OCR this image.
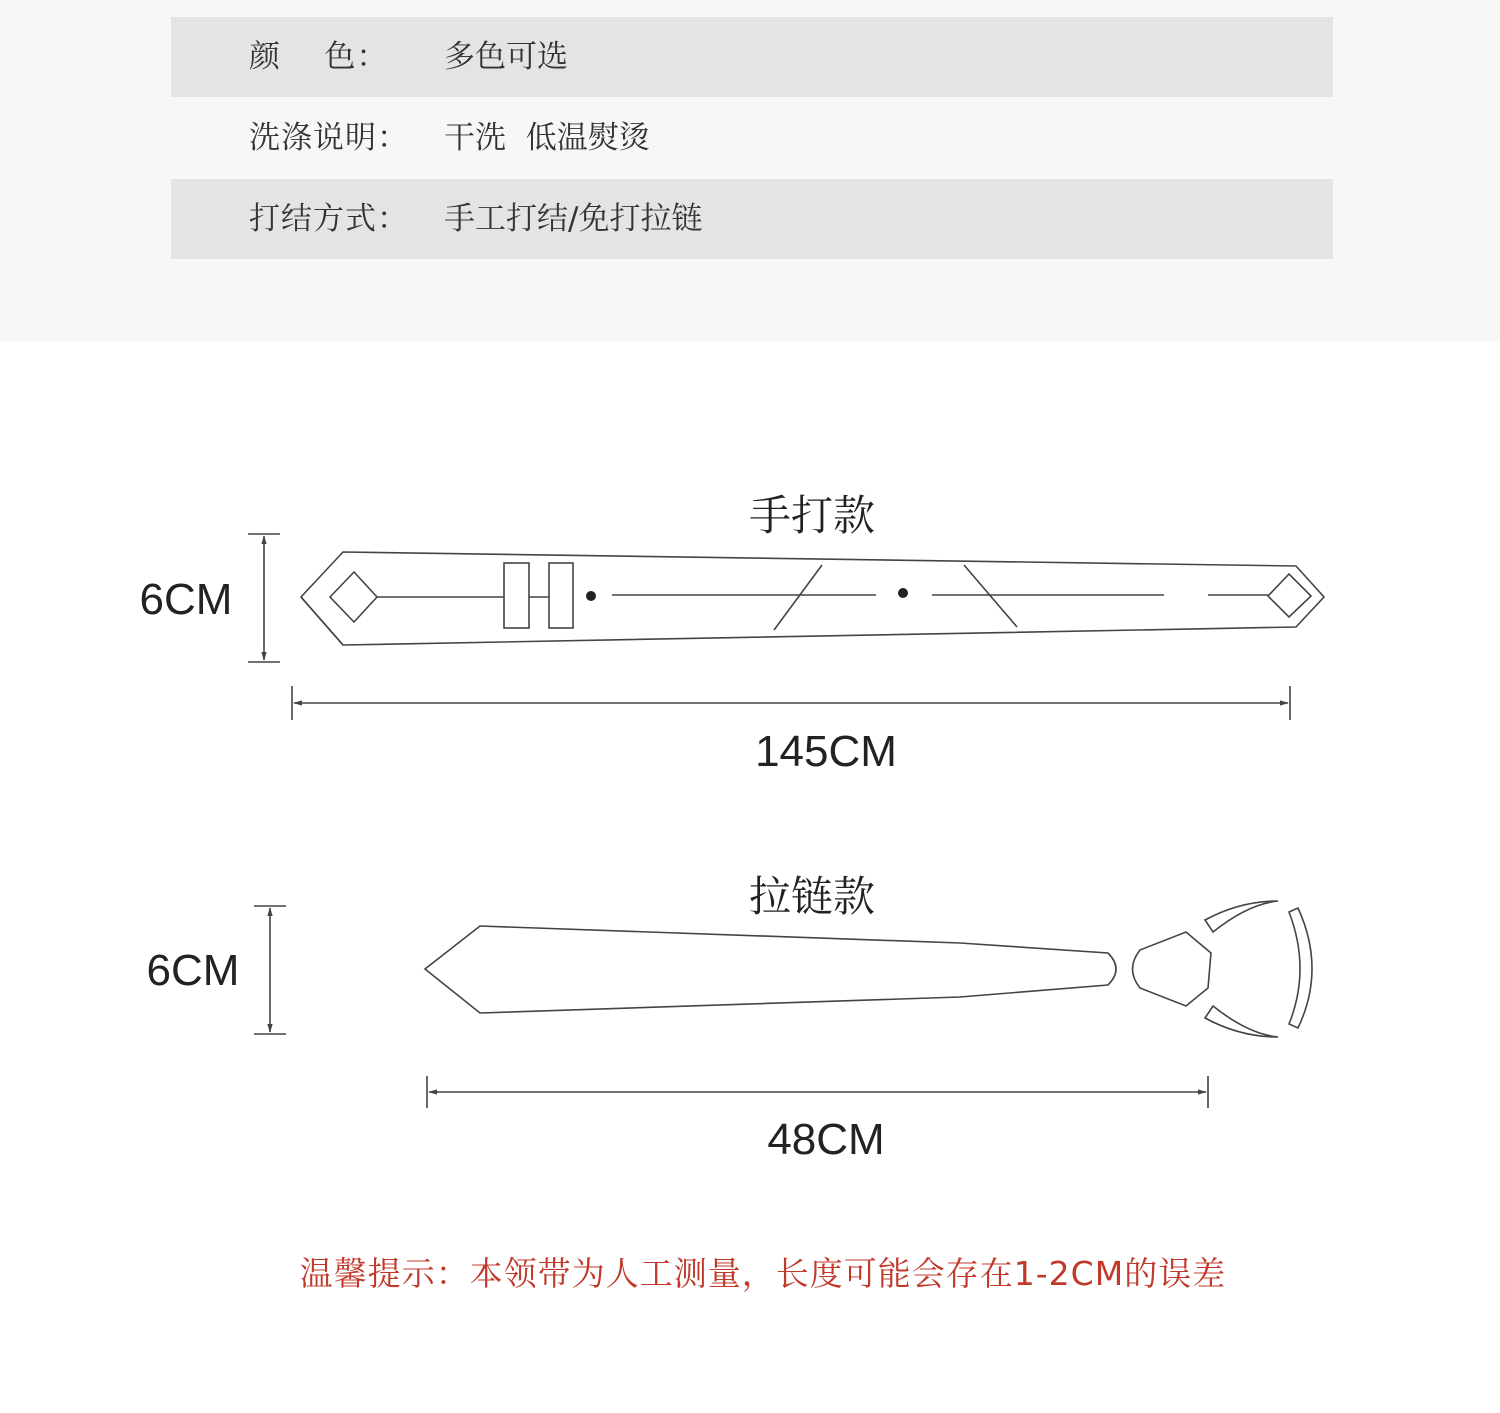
颜    色： 多色可选
洗涤说明： 干洗  低温熨烫
打结方式： 手工打结/免打拉链
手打款
6CM
145CM
拉链款
6CM
48CM
温馨提示：本领带为人工测量，长度可能会存在1-2CM的误差
